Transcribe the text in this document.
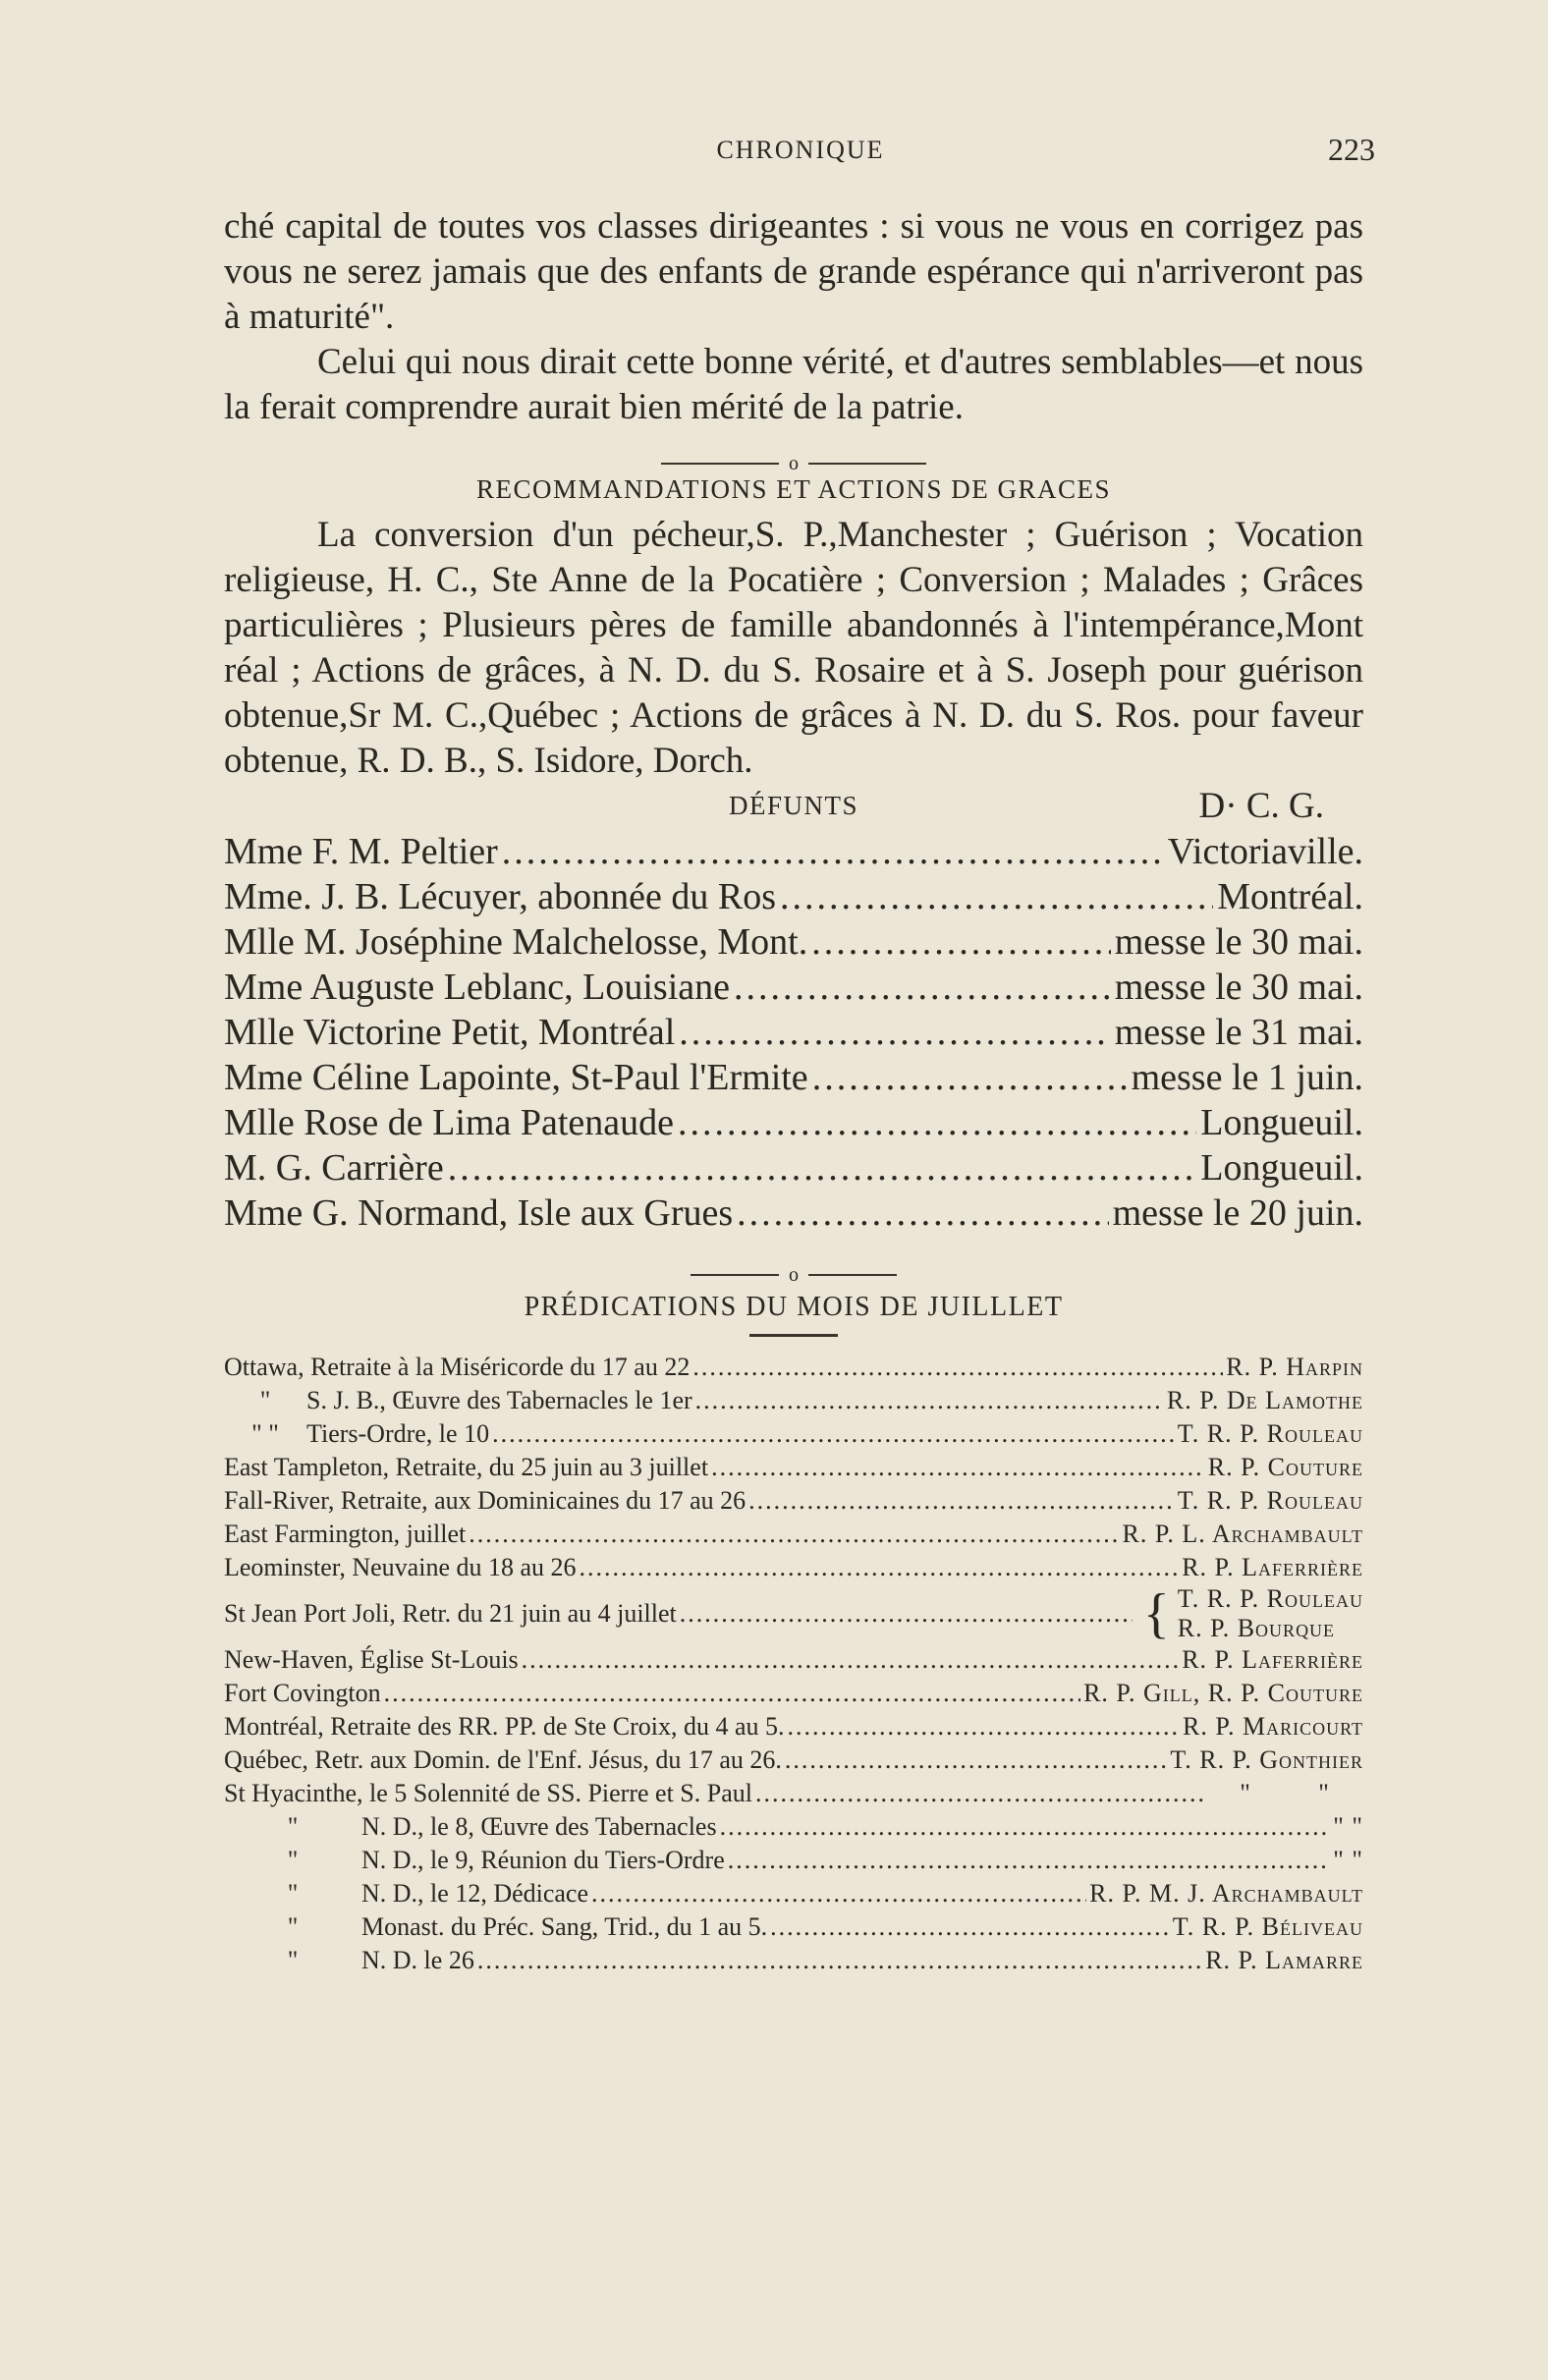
CHRONIQUE	223

ché capital de toutes vos classes dirigeantes : si vous ne vous en corrigez pas vous ne serez jamais que des enfants de grande espérance qui n'arriveront pas à maturité".

Celui qui nous dirait cette bonne vérité, et d'autres semblables—et nous la ferait comprendre aurait bien mérité de la patrie.

o
RECOMMANDATIONS ET ACTIONS DE GRACES

La conversion d'un pécheur,S. P.,Manchester ; Guérison ; Vocation religieuse, H. C., Ste Anne de la Pocatière ; Conversion ; Malades ; Grâces particulières ; Plusieurs pères de famille abandonnés à l'intempérance,Mont réal ; Actions de grâces, à N. D. du S. Rosaire et à S. Joseph pour guérison obtenue,Sr M. C.,Québec ; Actions de grâces à N. D. du S. Ros. pour faveur obtenue, R. D. B., S. Isidore, Dorch.

D· C. G.
DÉFUNTS
Mme F. M. Peltier .....	Victoriaville.
Mme. J. B. Lécuyer, abonnée du Ros .....	Montréal.
Mlle M. Joséphine Malchelosse, Mont. .....	messe le 30 mai.
Mme Auguste Leblanc, Louisiane .....	messe le 30 mai.
Mlle Victorine Petit, Montréal .....	messe le 31 mai.
Mme Céline Lapointe, St-Paul l'Ermite .....	messe le 1 juin.
Mlle Rose de Lima Patenaude .....	Longueuil.
M. G. Carrière .....	Longueuil.
Mme G. Normand, Isle aux Grues .....	messe le 20 juin.
o
PRÉDICATIONS DU MOIS DE JUILLLET
Ottawa, Retraite à la Miséricorde du 17 au 22 .....	R. P. Harpin
" S. J. B., Œuvre des Tabernacles le 1er .....	R. P. De Lamothe
" " Tiers-Ordre, le 10 .....	T. R. P. Rouleau
East Tampleton, Retraite, du 25 juin au 3 juillet .....	R. P. Couture
Fall-River, Retraite, aux Dominicaines du 17 au 26 .....	T. R. P. Rouleau
East Farmington, juillet .....	R. P. L. Archambault
Leominster, Neuvaine du 18 au 26 .....	R. P. Laferrière
St Jean Port Joli, Retr. du 21 juin au 4 juillet .....	{ T. R. P. Rouleau
R. P. Bourque
New-Haven, Église St-Louis .....	R. P. Laferrière
Fort Covington .....	R. P. Gill, R. P. Couture
Montréal, Retraite des RR. PP. de Ste Croix, du 4 au 5. .....	R. P. Maricourt
Québec, Retr. aux Domin. de l'Enf. Jésus, du 17 au 26. .....	T. R. P. Gonthier
St Hyacinthe, le 5 Solennité de SS. Pierre et S. Paul .....	"	"
" N. D., le 8, Œuvre des Tabernacles .....	" "
" N. D., le 9, Réunion du Tiers-Ordre .....	" "
" N. D., le 12, Dédicace .....	R. P. M. J. Archambault
" Monast. du Préc. Sang, Trid., du 1 au 5. .....	T. R. P. Béliveau
" N. D. le 26 .....	R. P. Lamarre
